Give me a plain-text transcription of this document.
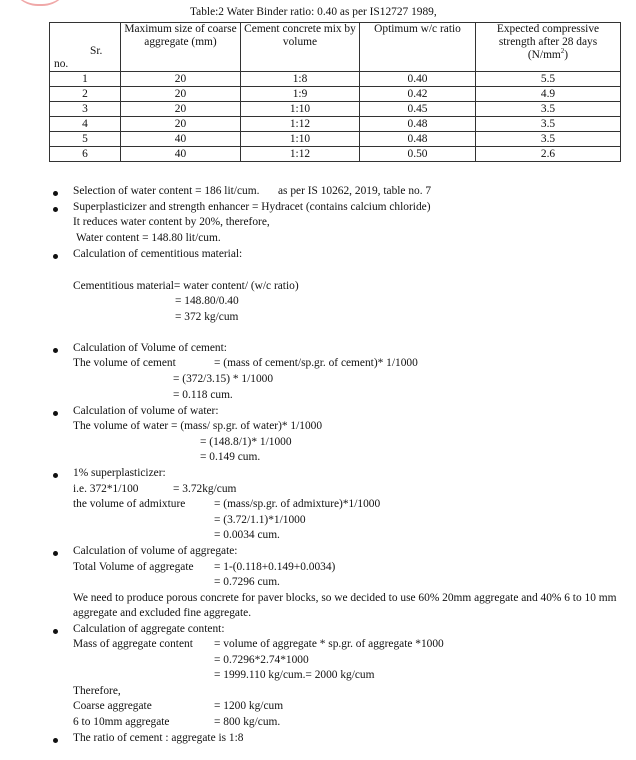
Table:2 Water Binder ratio: 0.40 as per IS12727 1989,
Sr.
no.	Maximum size of coarse aggregate (mm)	Cement concrete mix by volume	Optimum w/c ratio	Expected compressive strength after 28 days $(N/mm^2)$
1	20	1:8	0.40	5.5
2	20	1:9	0.42	4.9
3	20	1:10	0.45	3.5
4	20	1:12	0.48	3.5
5	40	1:10	0.48	3.5
6	40	1:12	0.50	2.6
Selection of water content = 186 lit/cum. as per IS 10262, 2019, table no. 7
Superplasticizer and strength enhancer = Hydracet (contains calcium chloride)
It reduces water content by 20%, therefore,
Water content = 148.80 lit/cum.
Calculation of cementitious material:
Cementitious material= water content/ (w/c ratio)
= 148.80/0.40
= 372 kg/cum
Calculation of Volume of cement:
The volume of cement	= (mass of cement/sp.gr. of cement)* 1/1000
= (372/3.15) * 1/1000
= 0.118 cum.
Calculation of volume of water:
The volume of water = (mass/ sp.gr. of water)* 1/1000
= (148.8/1)* 1/1000
= 0.149 cum.
1% superplasticizer:
i.e. 372*1/100	= 3.72kg/cum
the volume of admixture	= (mass/sp.gr. of admixture)*1/1000
= (3.72/1.1)*1/1000
= 0.0034 cum.
Calculation of volume of aggregate:
Total Volume of aggregate = 1-(0.118+0.149+0.0034)
= 0.7296 cum.
We need to produce porous concrete for paver blocks, so we decided to use 60% 20mm aggregate and 40% 6 to 10 mm aggregate and excluded fine aggregate.
Calculation of aggregate content:
Mass of aggregate content = volume of aggregate * sp.gr. of aggregate *1000
= 0.7296*2.74*1000
= 1999.110 kg/cum.= 2000 kg/cum
Therefore,
Coarse aggregate	= 1200 kg/cum
6 to 10mm aggregate	= 800 kg/cum.
The ratio of cement : aggregate is 1:8
